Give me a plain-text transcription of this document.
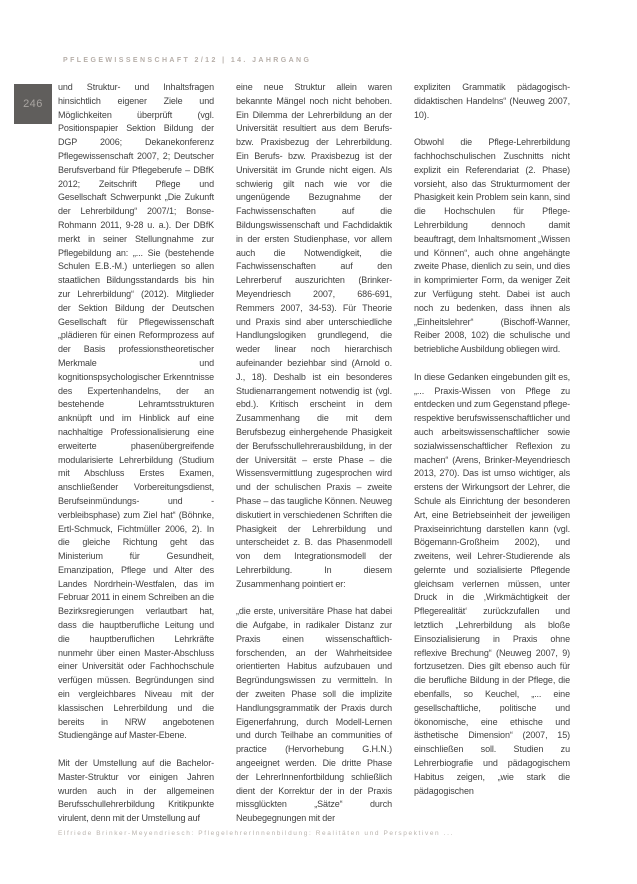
PFLEGEWISSENSCHAFT 2/12 | 14. JAHRGANG
246

und Struktur- und Inhaltsfragen hinsichtlich eigener Ziele und Möglichkeiten überprüft (vgl. Positionspapier Sektion Bildung der DGP 2006; Dekanekonferenz Pflegewissenschaft 2007, 2; Deutscher Berufsverband für Pflegeberufe – DBfK 2012; Zeitschrift Pflege und Gesellschaft Schwerpunkt „Die Zukunft der Lehrerbildung“ 2007/1; Bonse-Rohmann 2011, 9-28 u. a.). Der DBfK merkt in seiner Stellungnahme zur Pflegebildung an: „... Sie (bestehende Schulen E.B.-M.) unterliegen so allen staatlichen Bildungsstandards bis hin zur Lehrerbildung“ (2012). Mitglieder der Sektion Bildung der Deutschen Gesellschaft für Pflegewissenschaft „plädieren für einen Reformprozess auf der Basis professionstheoretischer Merkmale und kognitionspsychologischer Erkenntnisse des Expertenhandelns, der an bestehende Lehramtsstrukturen anknüpft und im Hinblick auf eine nachhaltige Professionalisierung eine erweiterte phasenübergreifende modularisierte Lehrerbildung (Studium mit Abschluss Erstes Examen, anschließender Vorbereitungsdienst, Berufseinmündungs- und -verbleibsphase) zum Ziel hat“ (Böhnke, Ertl-Schmuck, Fichtmüller 2006, 2). In die gleiche Richtung geht das Ministerium für Gesundheit, Emanzipation, Pflege und Alter des Landes Nordrhein-Westfalen, das im Februar 2011 in einem Schreiben an die Bezirksregierungen verlautbart hat, dass die hauptberufliche Leitung und die hauptberuflichen Lehrkräfte nunmehr über einen Master-Abschluss einer Universität oder Fachhochschule verfügen müssen. Begründungen sind ein vergleichbares Niveau mit der klassischen Lehrerbildung und die bereits in NRW angebotenen Studiengänge auf Master-Ebene.

Mit der Umstellung auf die Bachelor-Master-Struktur vor einigen Jahren wurden auch in der allgemeinen Berufsschullehrerbildung Kritikpunkte virulent, denn mit der Umstellung auf

eine neue Struktur allein waren bekannte Mängel noch nicht behoben. Ein Dilemma der Lehrerbildung an der Universität resultiert aus dem Berufs- bzw. Praxisbezug der Lehrerbildung. Ein Berufs- bzw. Praxisbezug ist der Universität im Grunde nicht eigen. Als schwierig gilt nach wie vor die ungenügende Bezugnahme der Fachwissenschaften auf die Bildungswissenschaft und Fachdidaktik in der ersten Studienphase, vor allem auch die Notwendigkeit, die Fachwissenschaften auf den Lehrerberuf auszurichten (Brinker-Meyendriesch 2007, 686-691, Remmers 2007, 34-53). Für Theorie und Praxis sind aber unterschiedliche Handlungslogiken grundlegend, die weder linear noch hierarchisch aufeinander beziehbar sind (Arnold o. J., 18). Deshalb ist ein besonderes Studienarrangement notwendig ist (vgl. ebd.). Kritisch erscheint in dem Zusammenhang die mit dem Berufsbezug einhergehende Phasigkeit der Berufsschullehrerausbildung, in der der Universität – erste Phase – die Wissensvermittlung zugesprochen wird und der schulischen Praxis – zweite Phase – das taugliche Können. Neuweg diskutiert in verschiedenen Schriften die Phasigkeit der Lehrerbildung und unterscheidet z. B. das Phasenmodell von dem Integrationsmodell der Lehrerbildung. In diesem Zusammenhang pointiert er:

„die erste, universitäre Phase hat dabei die Aufgabe, in radikaler Distanz zur Praxis einen wissenschaftlich-forschenden, an der Wahrheitsidee orientierten Habitus aufzubauen und Begründungswissen zu vermitteln. In der zweiten Phase soll die implizite Handlungsgrammatik der Praxis durch Eigenerfahrung, durch Modell-Lernen und durch Teilhabe an communities of practice (Hervorhebung G.H.N.) angeeignet werden. Die dritte Phase der LehrerInnenfortbildung schließlich dient der Korrektur der in der Praxis missglückten „Sätze“ durch Neubegegnungen mit der

expliziten Grammatik pädagogisch-didaktischen Handelns“ (Neuweg 2007, 10).

Obwohl die Pflege-Lehrerbildung fachhochschulischen Zuschnitts nicht explizit ein Referendariat (2. Phase) vorsieht, also das Strukturmoment der Phasigkeit kein Problem sein kann, sind die Hochschulen für Pflege-Lehrerbildung dennoch damit beauftragt, dem Inhaltsmoment „Wissen und Können“, auch ohne angehängte zweite Phase, dienlich zu sein, und dies in komprimierter Form, da weniger Zeit zur Verfügung steht. Dabei ist auch noch zu bedenken, dass ihnen als „Einheitslehrer“ (Bischoff-Wanner, Reiber 2008, 102) die schulische und betriebliche Ausbildung obliegen wird.

In diese Gedanken eingebunden gilt es, „... Praxis-Wissen von Pflege zu entdecken und zum Gegenstand pflege- respektive berufswissenschaftlicher und auch arbeitswissenschaftlicher sowie sozialwissenschaftlicher Reflexion zu machen“ (Arens, Brinker-Meyendriesch 2013, 270). Das ist umso wichtiger, als erstens der Wirkungsort der Lehrer, die Schule als Einrichtung der besonderen Art, eine Betriebseinheit der jeweiligen Praxiseinrichtung darstellen kann (vgl. Bögemann-Großheim 2002), und zweitens, weil Lehrer-Studierende als gelernte und sozialisierte Pflegende gleichsam verlernen müssen, unter Druck in die ‚Wirkmächtigkeit der Pflegerealität‘ zurückzufallen und letztlich „Lehrerbildung als bloße Einsozialisierung in Praxis ohne reflexive Brechung“ (Neuweg 2007, 9) fortzusetzen. Dies gilt ebenso auch für die berufliche Bildung in der Pflege, die ebenfalls, so Keuchel, „... eine gesellschaftliche, politische und ökonomische, eine ethische und ästhetische Dimension“ (2007, 15) einschließen soll. Studien zu Lehrerbiografie und pädagogischem Habitus zeigen, „wie stark die pädagogischen

Elfriede Brinker-Meyendriesch: PflegelehrerInnenbildung: Realitäten und Perspektiven ...
